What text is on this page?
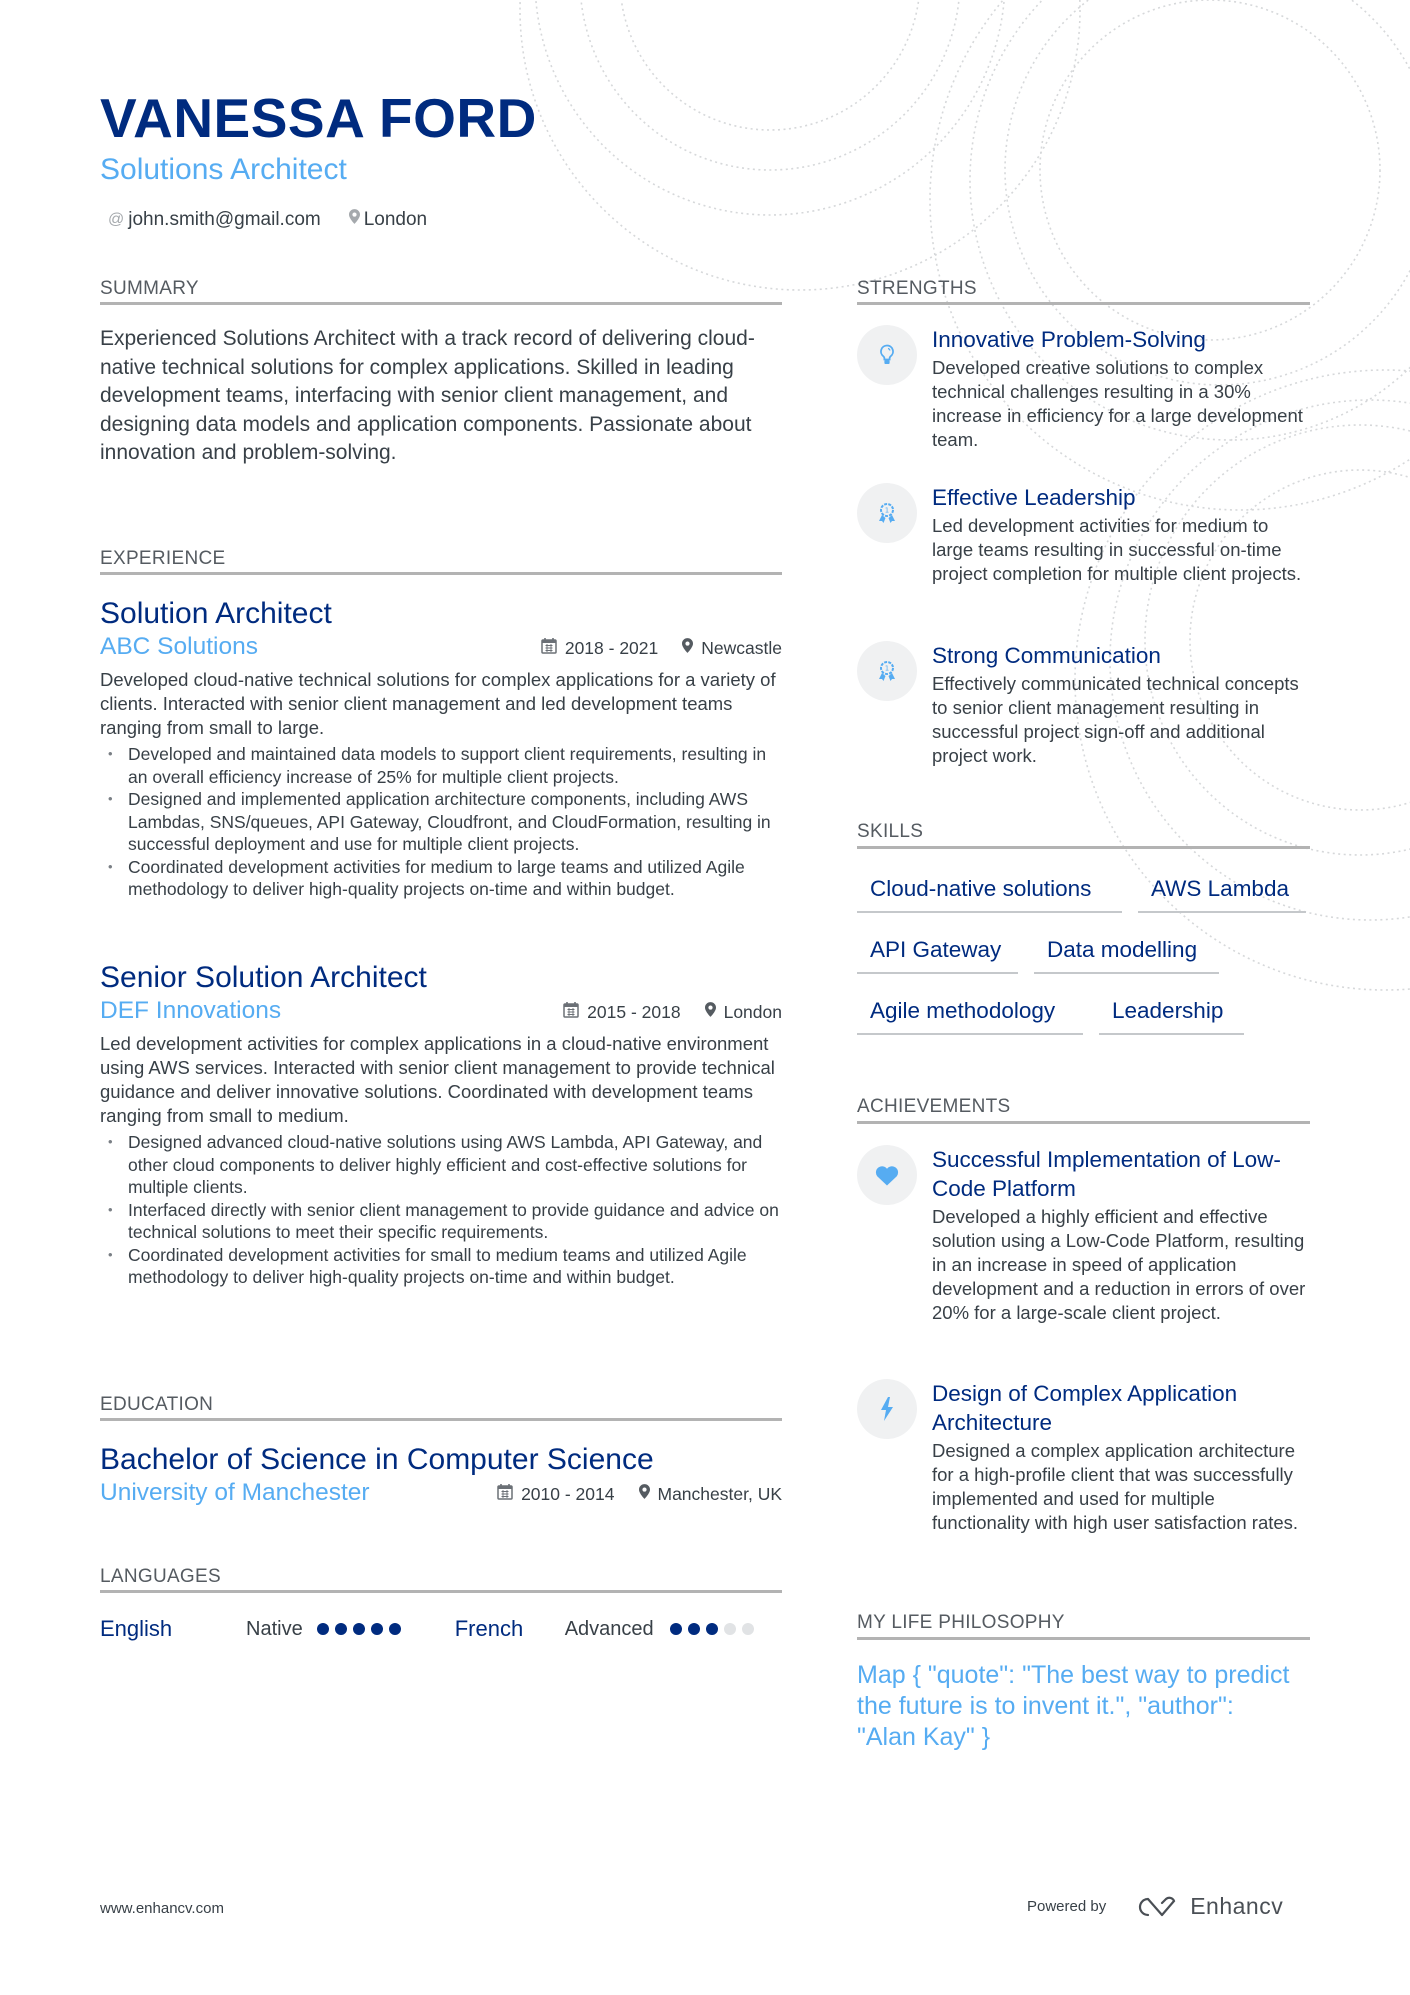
VANESSA FORD
Solutions Architect
@ john.smith@gmail.com London
SUMMARY
Experienced Solutions Architect with a track record of delivering cloud-native technical solutions for complex applications. Skilled in leading development teams, interfacing with senior client management, and designing data models and application components. Passionate about innovation and problem-solving.
EXPERIENCE
Solution Architect
ABC Solutions	2018 - 2021 Newcastle
Developed cloud-native technical solutions for complex applications for a variety of clients. Interacted with senior client management and led development teams ranging from small to large.
• Developed and maintained data models to support client requirements, resulting in an overall efficiency increase of 25% for multiple client projects.
• Designed and implemented application architecture components, including AWS Lambdas, SNS/queues, API Gateway, Cloudfront, and CloudFormation, resulting in successful deployment and use for multiple client projects.
• Coordinated development activities for medium to large teams and utilized Agile methodology to deliver high-quality projects on-time and within budget.
Senior Solution Architect
DEF Innovations	2015 - 2018 London
Led development activities for complex applications in a cloud-native environment using AWS services. Interacted with senior client management to provide technical guidance and deliver innovative solutions. Coordinated with development teams ranging from small to medium.
• Designed advanced cloud-native solutions using AWS Lambda, API Gateway, and other cloud components to deliver highly efficient and cost-effective solutions for multiple clients.
• Interfaced directly with senior client management to provide guidance and advice on technical solutions to meet their specific requirements.
• Coordinated development activities for small to medium teams and utilized Agile methodology to deliver high-quality projects on-time and within budget.
EDUCATION
Bachelor of Science in Computer Science
University of Manchester	2010 - 2014 Manchester, UK
LANGUAGES
English	Native	French	Advanced
STRENGTHS
Innovative Problem-Solving
Developed creative solutions to complex technical challenges resulting in a 30% increase in efficiency for a large development team.
1
Effective Leadership
Led development activities for medium to large teams resulting in successful on-time project completion for multiple client projects.
1
Strong Communication
Effectively communicated technical concepts to senior client management resulting in successful project sign-off and additional project work.
SKILLS
Cloud-native solutions	AWS Lambda
API Gateway	Data modelling
Agile methodology	Leadership
ACHIEVEMENTS
Successful Implementation of Low-Code Platform
Developed a highly efficient and effective solution using a Low-Code Platform, resulting in an increase in speed of application development and a reduction in errors of over 20% for a large-scale client project.
Design of Complex Application Architecture
Designed a complex application architecture for a high-profile client that was successfully implemented and used for multiple functionality with high user satisfaction rates.
MY LIFE PHILOSOPHY
Map { "quote": "The best way to predict the future is to invent it.", "author": "Alan Kay" }
www.enhancv.com	Powered by	Enhancv
